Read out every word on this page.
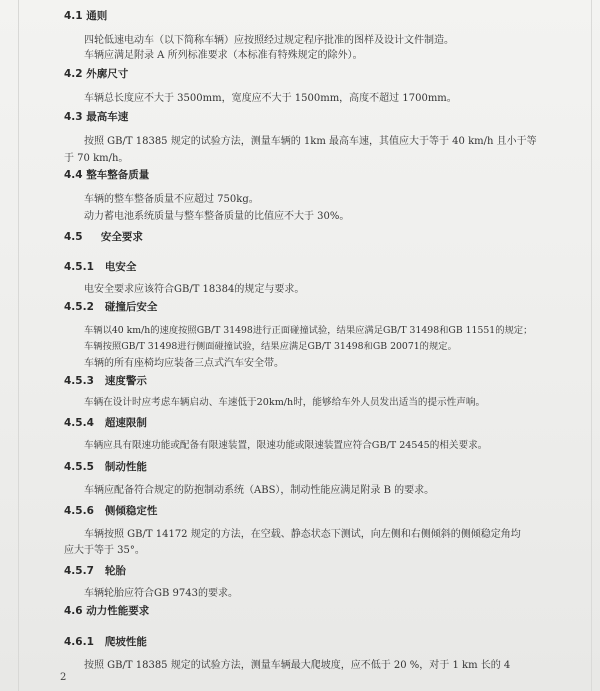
4.1 通则
四轮低速电动车（以下简称车辆）应按照经过规定程序批准的图样及设计文件制造。
车辆应满足附录 A 所列标准要求（本标准有特殊规定的除外）。
4.2 外廓尺寸
车辆总长度应不大于 3500mm，宽度应不大于 1500mm，高度不超过 1700mm。
4.3 最高车速
按照 GB/T 18385 规定的试验方法，测量车辆的 1km 最高车速，其值应大于等于 40 km/h 且小于等
于 70 km/h。
4.4 整车整备质量
车辆的整车整备质量不应超过 750kg。
动力蓄电池系统质量与整车整备质量的比值应不大于 30%。
4.5 安全要求
4.5.1 电安全
电安全要求应该符合GB/T 18384的规定与要求。
4.5.2 碰撞后安全
车辆以40 km/h的速度按照GB/T 31498进行正面碰撞试验，结果应满足GB/T 31498和GB 11551的规定；
车辆按照GB/T 31498进行侧面碰撞试验，结果应满足GB/T 31498和GB 20071的规定。
车辆的所有座椅均应装备三点式汽车安全带。
4.5.3 速度警示
车辆在设计时应考虑车辆启动、车速低于20km/h时，能够给车外人员发出适当的提示性声响。
4.5.4 超速限制
车辆应具有限速功能或配备有限速装置，限速功能或限速装置应符合GB/T 24545的相关要求。
4.5.5 制动性能
车辆应配备符合规定的防抱制动系统（ABS），制动性能应满足附录 B 的要求。
4.5.6 侧倾稳定性
车辆按照 GB/T 14172 规定的方法，在空载、静态状态下测试，向左侧和右侧倾斜的侧倾稳定角均
应大于等于 35°。
4.5.7 轮胎
车辆轮胎应符合GB 9743的要求。
4.6 动力性能要求
4.6.1 爬坡性能
按照 GB/T 18385 规定的试验方法，测量车辆最大爬坡度，应不低于 20 %，对于 1 km 长的 4
2
